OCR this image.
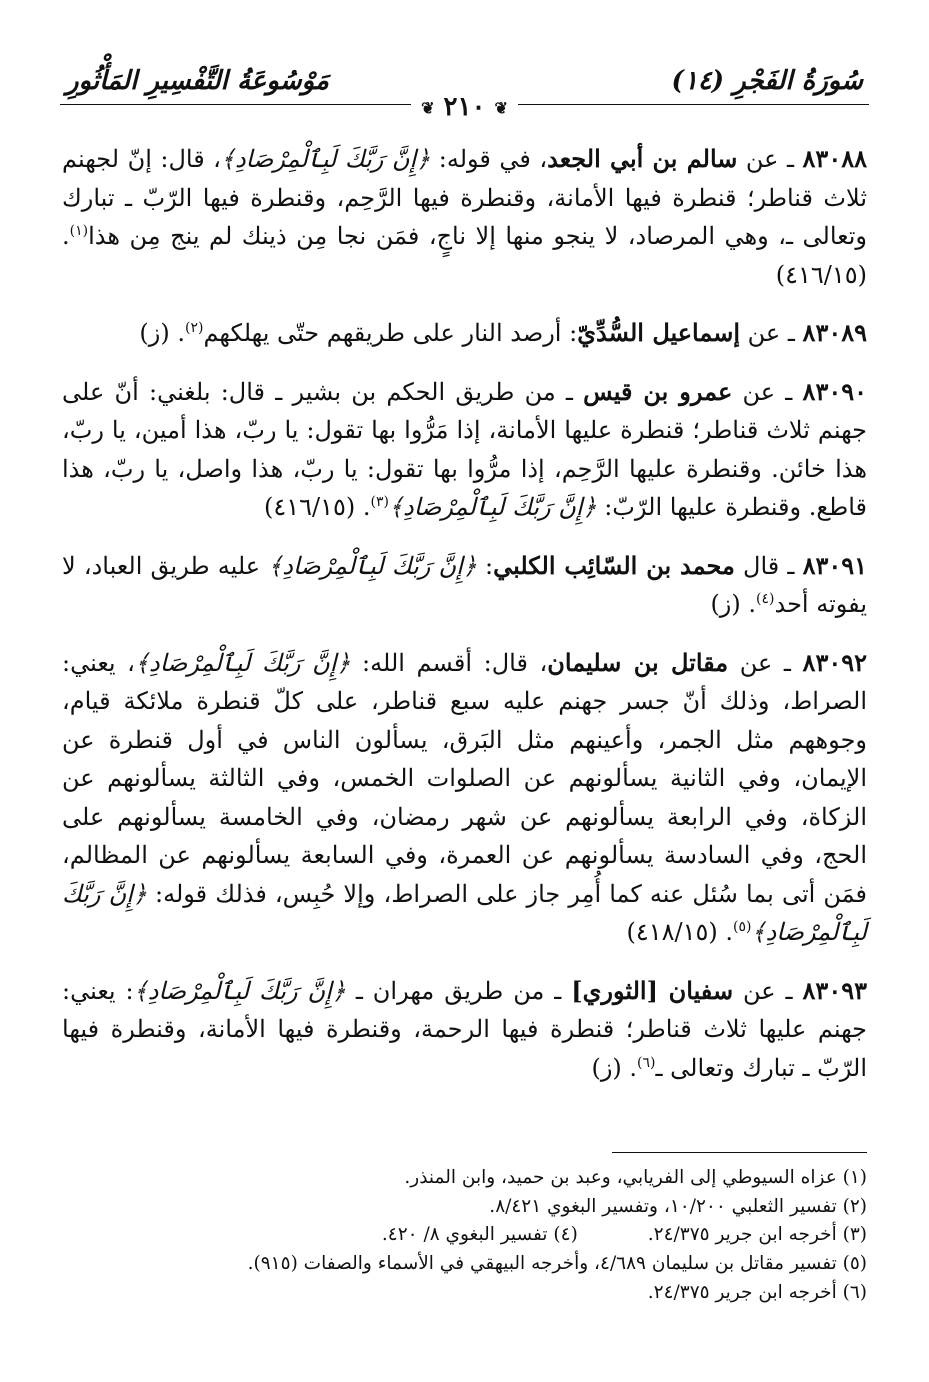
سُورَةُ الفَجْرِ (١٤)
مَوْسُوعَةُ التَّفْسِيرِ المَأْثُورِ
❦ ٢١٠ ❦

٨٣٠٨٨ ـ عن سالم بن أبي الجعد، في قوله: ﴿إِنَّ رَبَّكَ لَبِٱلْمِرْصَادِ﴾، قال: إنّ لجهنم ثلاث قناطر؛ قنطرة فيها الأمانة، وقنطرة فيها الرَّحِم، وقنطرة فيها الرّبّ ـ تبارك وتعالى ـ، وهي المرصاد، لا ينجو منها إلا ناجٍ، فمَن نجا مِن ذينك لم ينج مِن هذا$^{(١)}$. (٤١٦/١٥)

٨٣٠٨٩ ـ عن إسماعيل السُّدِّيّ: أرصد النار على طريقهم حتّى يهلكهم$^{(٢)}$. (ز)

٨٣٠٩٠ ـ عن عمرو بن قيس ـ من طريق الحكم بن بشير ـ قال: بلغني: أنّ على جهنم ثلاث قناطر؛ قنطرة عليها الأمانة، إذا مَرُّوا بها تقول: يا ربّ، هذا أمين، يا ربّ، هذا خائن. وقنطرة عليها الرَّحِم، إذا مرُّوا بها تقول: يا ربّ، هذا واصل، يا ربّ، هذا قاطع. وقنطرة عليها الرّبّ: ﴿إِنَّ رَبَّكَ لَبِٱلْمِرْصَادِ﴾$^{(٣)}$. (٤١٦/١٥)

٨٣٠٩١ ـ قال محمد بن السّائِب الكلبي: ﴿إِنَّ رَبَّكَ لَبِٱلْمِرْصَادِ﴾ عليه طريق العباد، لا يفوته أحد$^{(٤)}$. (ز)

٨٣٠٩٢ ـ عن مقاتل بن سليمان، قال: أقسم الله: ﴿إِنَّ رَبَّكَ لَبِٱلْمِرْصَادِ﴾، يعني: الصراط، وذلك أنّ جسر جهنم عليه سبع قناطر، على كلّ قنطرة ملائكة قيام، وجوههم مثل الجمر، وأعينهم مثل البَرق، يسألون الناس في أول قنطرة عن الإيمان، وفي الثانية يسألونهم عن الصلوات الخمس، وفي الثالثة يسألونهم عن الزكاة، وفي الرابعة يسألونهم عن شهر رمضان، وفي الخامسة يسألونهم على الحج، وفي السادسة يسألونهم عن العمرة، وفي السابعة يسألونهم عن المظالم، فمَن أتى بما سُئل عنه كما أُمِر جاز على الصراط، وإلا حُبِس، فذلك قوله: ﴿إِنَّ رَبَّكَ لَبِٱلْمِرْصَادِ﴾$^{(٥)}$. (٤١٨/١٥)

٨٣٠٩٣ ـ عن سفيان [الثوري] ـ من طريق مهران ـ ﴿إِنَّ رَبَّكَ لَبِٱلْمِرْصَادِ﴾: يعني: جهنم عليها ثلاث قناطر؛ قنطرة فيها الرحمة، وقنطرة فيها الأمانة، وقنطرة فيها الرّبّ ـ تبارك وتعالى ـ$^{(٦)}$. (ز)

(١) عزاه السيوطي إلى الفريابي، وعبد بن حميد، وابن المنذر.
(٢) تفسير الثعلبي ١٠/٢٠٠، وتفسير البغوي ٨/٤٢١.
(٣) أخرجه ابن جرير ٢٤/٣٧٥.
(٤) تفسير البغوي ٨/ ٤٢٠.
(٥) تفسير مقاتل بن سليمان ٤/٦٨٩، وأخرجه البيهقي في الأسماء والصفات (٩١٥).
(٦) أخرجه ابن جرير ٢٤/٣٧٥.
